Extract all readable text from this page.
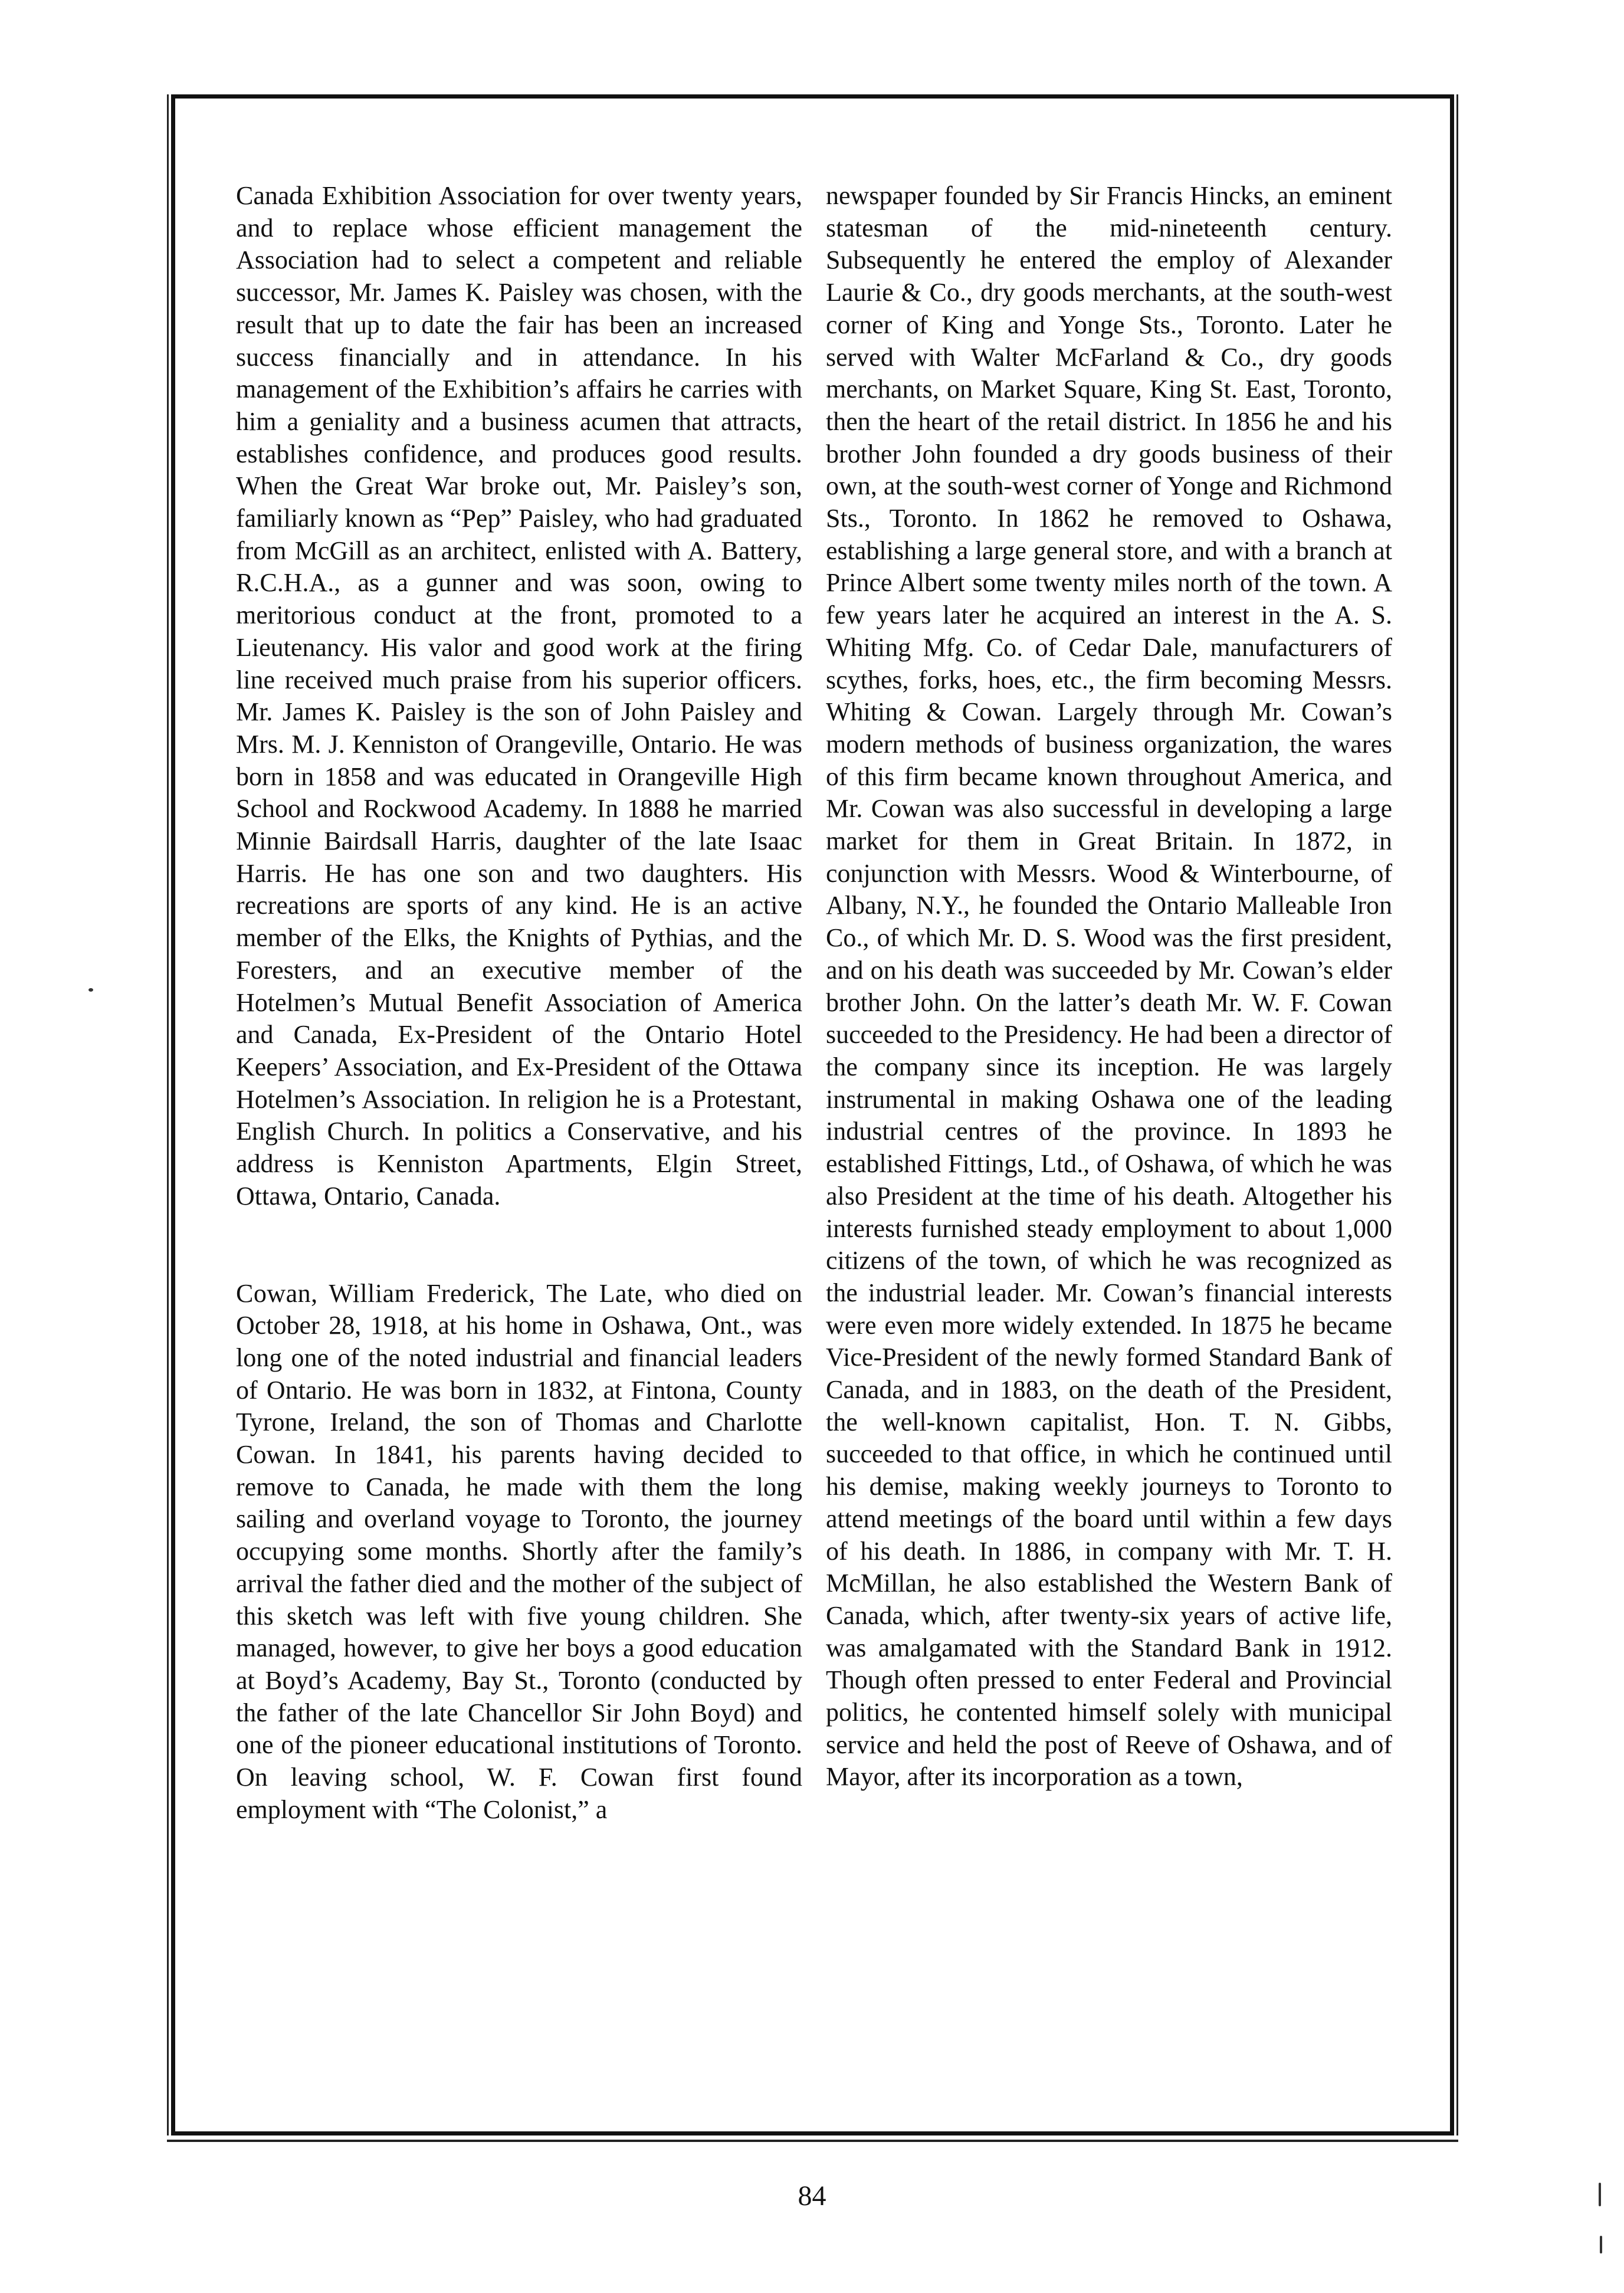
Canada Exhibition Association for over twenty years, and to replace whose efficient management the Association had to select a competent and reliable successor, Mr. James K. Paisley was chosen, with the result that up to date the fair has been an increased success financially and in attendance. In his management of the Exhibition’s affairs he carries with him a geniality and a business acumen that attracts, establishes confidence, and produces good results. When the Great War broke out, Mr. Paisley’s son, familiarly known as “Pep” Paisley, who had graduated from McGill as an architect, enlisted with A. Battery, R.C.H.A., as a gunner and was soon, owing to meritorious conduct at the front, promoted to a Lieutenancy. His valor and good work at the firing line received much praise from his superior officers. Mr. James K. Paisley is the son of John Paisley and Mrs. M. J. Kenniston of Orangeville, Ontario. He was born in 1858 and was educated in Orangeville High School and Rockwood Academy. In 1888 he married Minnie Bairdsall Harris, daughter of the late Isaac Harris. He has one son and two daughters. His recreations are sports of any kind. He is an active member of the Elks, the Knights of Pythias, and the Foresters, and an executive member of the Hotelmen’s Mutual Benefit Association of America and Canada, Ex-President of the Ontario Hotel Keepers’ Association, and Ex-President of the Ottawa Hotelmen’s Association. In religion he is a Protestant, English Church. In politics a Conservative, and his address is Kenniston Apartments, Elgin Street, Ottawa, Ontario, Canada.

Cowan, William Frederick, The Late, who died on October 28, 1918, at his home in Oshawa, Ont., was long one of the noted industrial and financial leaders of Ontario. He was born in 1832, at Fintona, County Tyrone, Ireland, the son of Thomas and Charlotte Cowan. In 1841, his parents having decided to remove to Canada, he made with them the long sailing and overland voyage to Toronto, the journey occupying some months. Shortly after the family’s arrival the father died and the mother of the subject of this sketch was left with five young children. She managed, however, to give her boys a good education at Boyd’s Academy, Bay St., Toronto (conducted by the father of the late Chancellor Sir John Boyd) and one of the pioneer educational institutions of Toronto. On leaving school, W. F. Cowan first found employment with “The Colonist,” a

newspaper founded by Sir Francis Hincks, an eminent statesman of the mid-nineteenth century. Subsequently he entered the employ of Alexander Laurie & Co., dry goods merchants, at the south-west corner of King and Yonge Sts., Toronto. Later he served with Walter McFarland & Co., dry goods merchants, on Market Square, King St. East, Toronto, then the heart of the retail district. In 1856 he and his brother John founded a dry goods business of their own, at the south-west corner of Yonge and Richmond Sts., Toronto. In 1862 he removed to Oshawa, establishing a large general store, and with a branch at Prince Albert some twenty miles north of the town. A few years later he acquired an interest in the A. S. Whiting Mfg. Co. of Cedar Dale, manufacturers of scythes, forks, hoes, etc., the firm becoming Messrs. Whiting & Cowan. Largely through Mr. Cowan’s modern methods of business organization, the wares of this firm became known throughout America, and Mr. Cowan was also successful in developing a large market for them in Great Britain. In 1872, in conjunction with Messrs. Wood & Winterbourne, of Albany, N.Y., he founded the Ontario Malleable Iron Co., of which Mr. D. S. Wood was the first president, and on his death was succeeded by Mr. Cowan’s elder brother John. On the latter’s death Mr. W. F. Cowan succeeded to the Presidency. He had been a director of the company since its inception. He was largely instrumental in making Oshawa one of the leading industrial centres of the province. In 1893 he established Fittings, Ltd., of Oshawa, of which he was also President at the time of his death. Altogether his interests furnished steady employment to about 1,000 citizens of the town, of which he was recognized as the industrial leader. Mr. Cowan’s financial interests were even more widely extended. In 1875 he became Vice-President of the newly formed Standard Bank of Canada, and in 1883, on the death of the President, the well-known capitalist, Hon. T. N. Gibbs, succeeded to that office, in which he continued until his demise, making weekly journeys to Toronto to attend meetings of the board until within a few days of his death. In 1886, in company with Mr. T. H. McMillan, he also established the Western Bank of Canada, which, after twenty-six years of active life, was amalgamated with the Standard Bank in 1912. Though often pressed to enter Federal and Provincial politics, he contented himself solely with municipal service and held the post of Reeve of Oshawa, and of Mayor, after its incorporation as a town,

84
